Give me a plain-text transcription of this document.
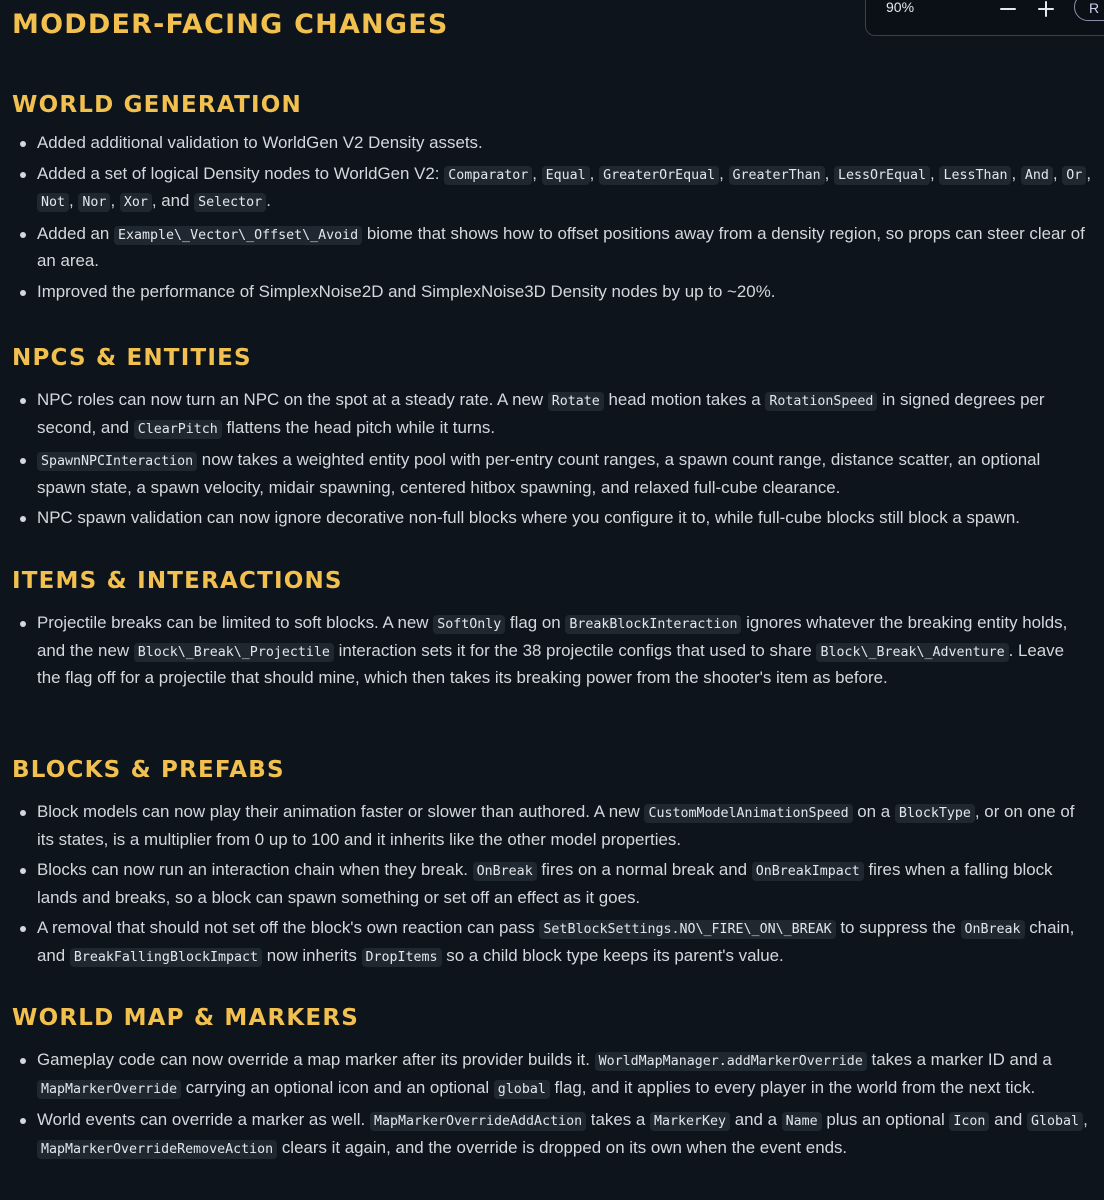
MODDER-FACING CHANGES
WORLD GENERATION
Added additional validation to WorldGen V2 Density assets.
Added a set of logical Density nodes to WorldGen V2: Comparator , Equal , GreaterOrEqual , GreaterThan , LessOrEqual , LessThan , And , Or , Not , Nor , Xor , and Selector .
Added an Example\_Vector\_Offset\_Avoid biome that shows how to offset positions away from a density region, so props can steer clear of an area.
Improved the performance of SimplexNoise2D and SimplexNoise3D Density nodes by up to ~20%.
NPCS & ENTITIES
NPC roles can now turn an NPC on the spot at a steady rate. A new Rotate head motion takes a RotationSpeed in signed degrees per second, and ClearPitch flattens the head pitch while it turns.
SpawnNPCInteraction now takes a weighted entity pool with per-entry count ranges, a spawn count range, distance scatter, an optional spawn state, a spawn velocity, midair spawning, centered hitbox spawning, and relaxed full-cube clearance.
NPC spawn validation can now ignore decorative non-full blocks where you configure it to, while full-cube blocks still block a spawn.
ITEMS & INTERACTIONS
Projectile breaks can be limited to soft blocks. A new SoftOnly flag on BreakBlockInteraction ignores whatever the breaking entity holds, and the new Block\_Break\_Projectile interaction sets it for the 38 projectile configs that used to share Block\_Break\_Adventure . Leave the flag off for a projectile that should mine, which then takes its breaking power from the shooter's item as before.
BLOCKS & PREFABS
Block models can now play their animation faster or slower than authored. A new CustomModelAnimationSpeed on a BlockType , or on one of its states, is a multiplier from 0 up to 100 and it inherits like the other model properties.
Blocks can now run an interaction chain when they break. OnBreak fires on a normal break and OnBreakImpact fires when a falling block lands and breaks, so a block can spawn something or set off an effect as it goes.
A removal that should not set off the block's own reaction can pass SetBlockSettings.NO\_FIRE\_ON\_BREAK to suppress the OnBreak chain, and BreakFallingBlockImpact now inherits DropItems so a child block type keeps its parent's value.
WORLD MAP & MARKERS
Gameplay code can now override a map marker after its provider builds it. WorldMapManager.addMarkerOverride takes a marker ID and a MapMarkerOverride carrying an optional icon and an optional global flag, and it applies to every player in the world from the next tick.
World events can override a marker as well. MapMarkerOverrideAddAction takes a MarkerKey and a Name plus an optional Icon and Global , MapMarkerOverrideRemoveAction clears it again, and the override is dropped on its own when the event ends.
90%	R
